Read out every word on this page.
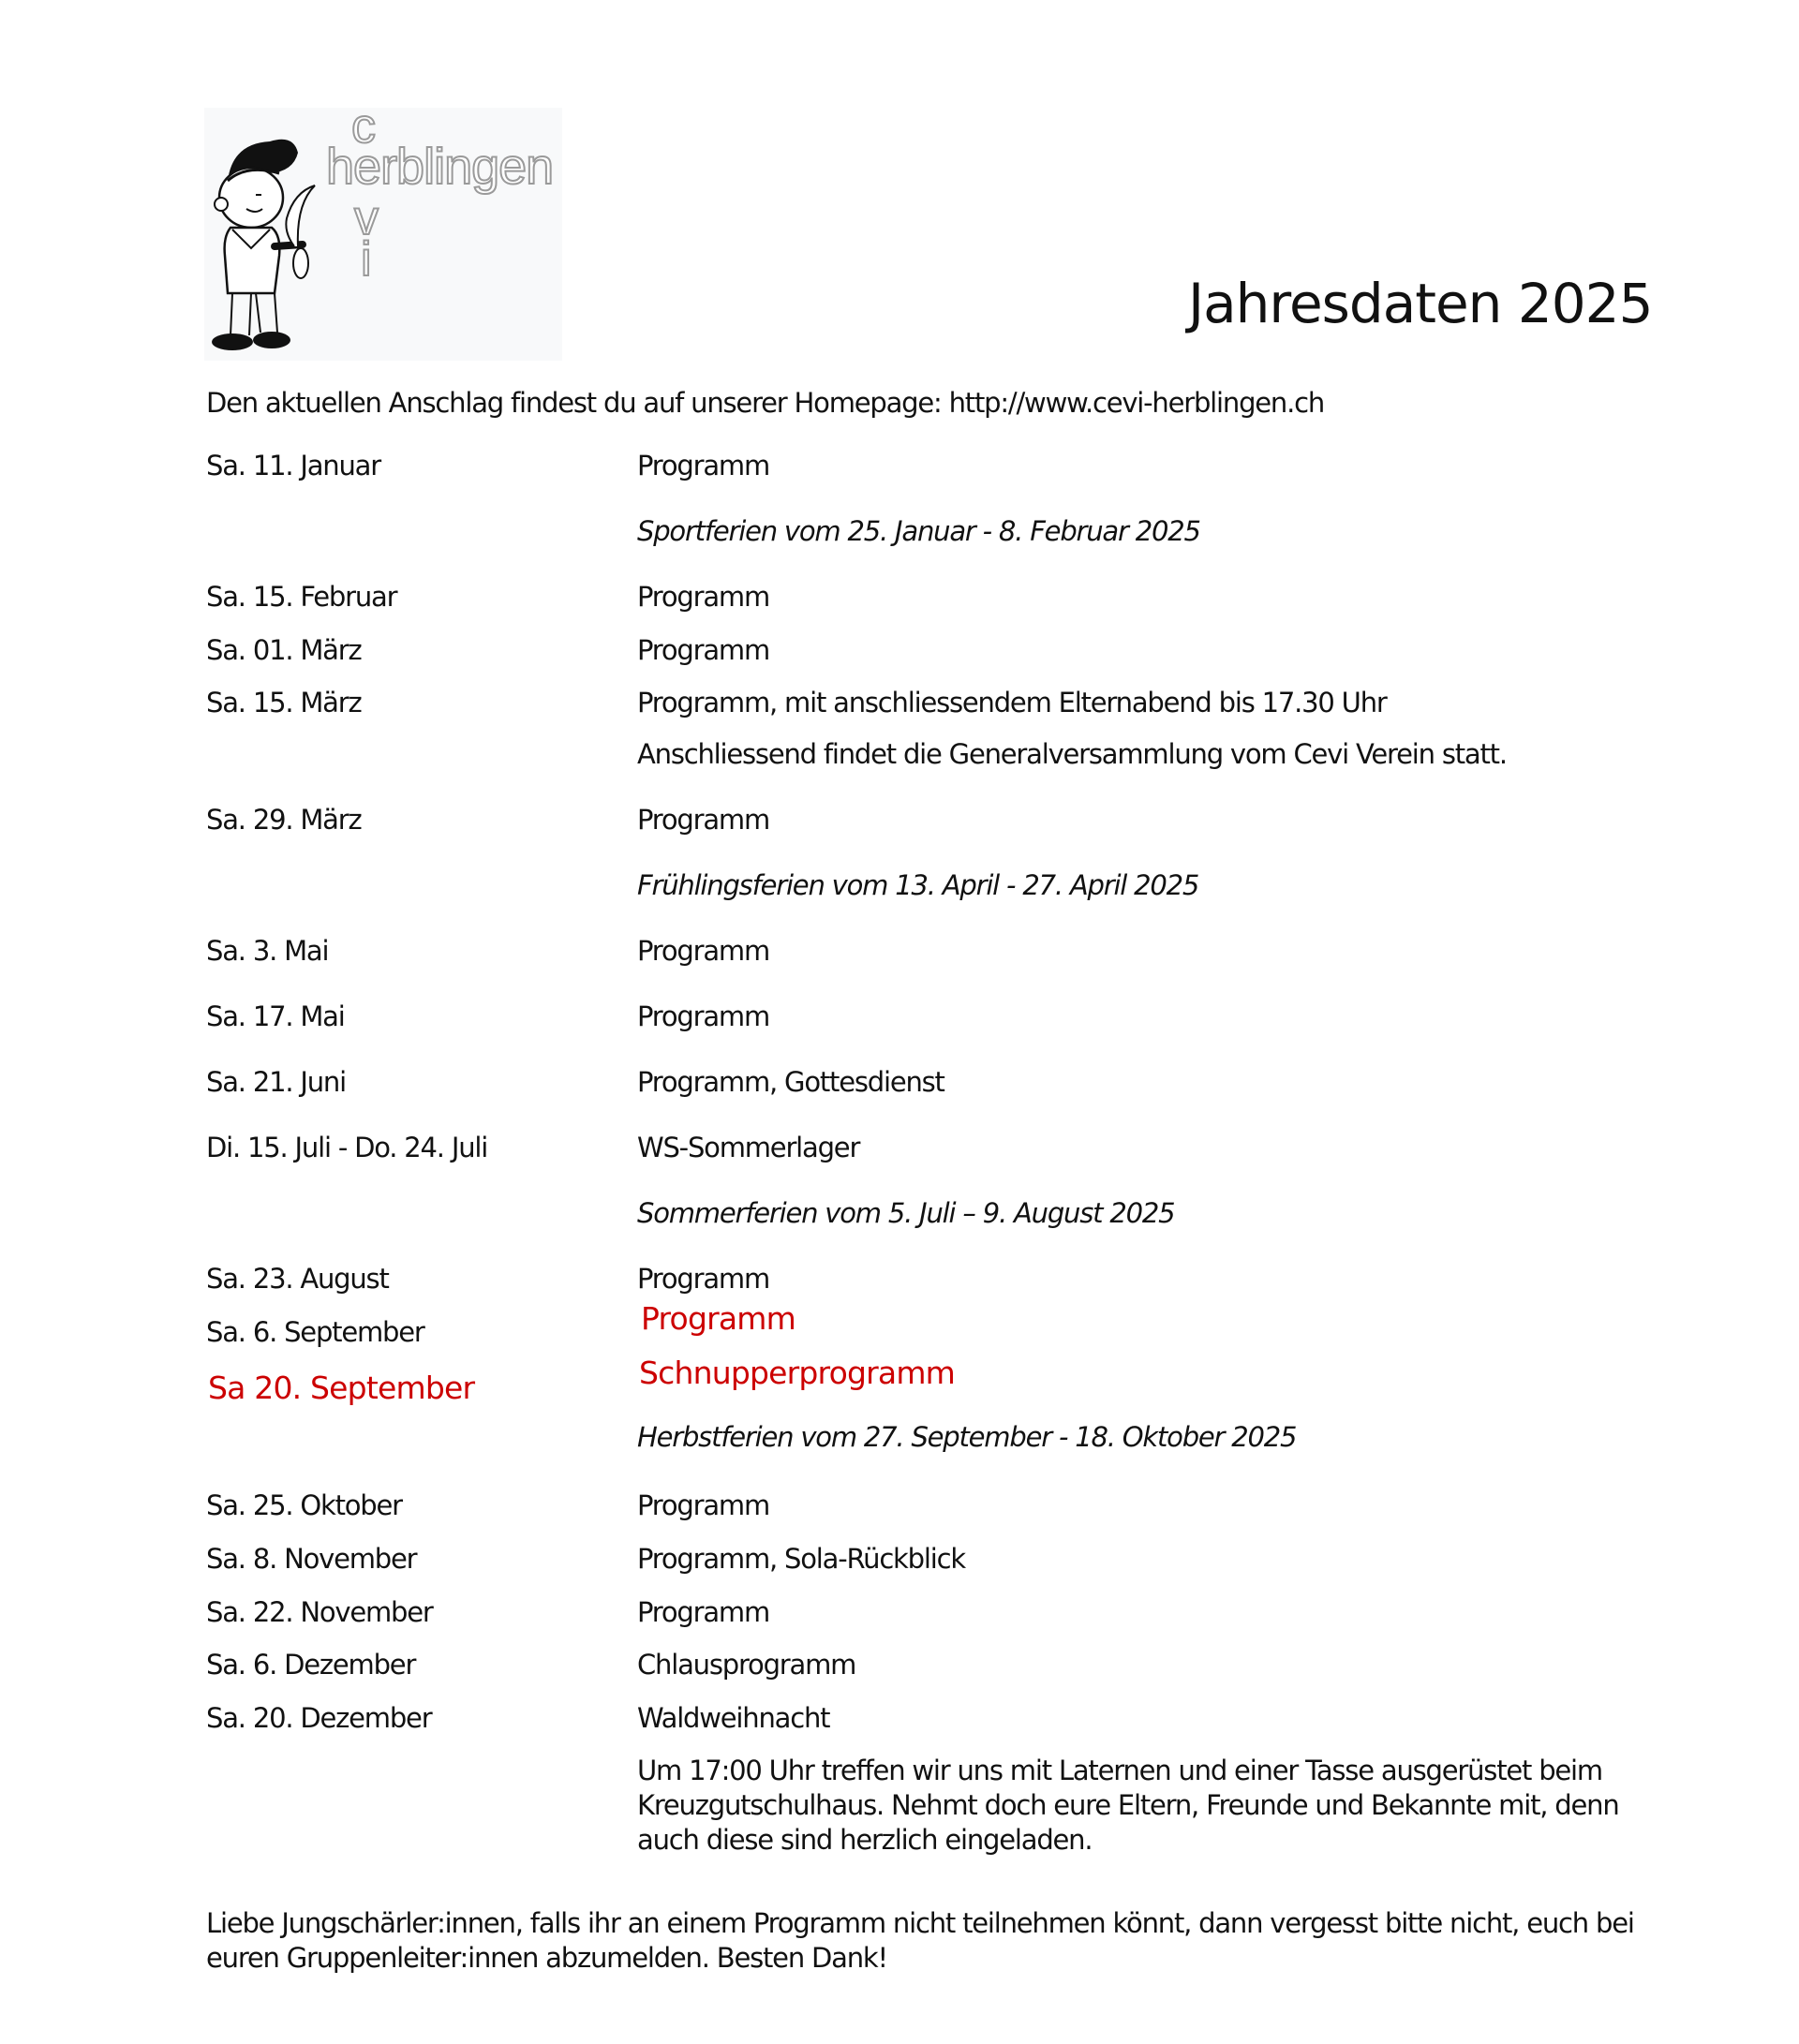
c
herblingen
v
i
Jahresdaten 2025
Den aktuellen Anschlag findest du auf unserer Homepage: http://www.cevi-herblingen.ch
Sa. 11. Januar	Programm
Sportferien vom 25. Januar - 8. Februar 2025
Sa. 15. Februar	Programm
Sa. 01. März	Programm
Sa. 15. März	Programm, mit anschliessendem Elternabend bis 17.30 Uhr
Anschliessend findet die Generalversammlung vom Cevi Verein statt.
Sa. 29. März	Programm
Frühlingsferien vom 13. April - 27. April 2025
Sa. 3. Mai	Programm
Sa. 17. Mai	Programm
Sa. 21. Juni	Programm, Gottesdienst
Di. 15. Juli - Do. 24. Juli	WS-Sommerlager
Sommerferien vom 5. Juli – 9. August 2025
Sa. 23. August	Programm
Sa. 6. September	Programm
Sa 20. September	Schnupperprogramm
Herbstferien vom 27. September - 18. Oktober 2025
Sa. 25. Oktober	Programm
Sa. 8. November	Programm, Sola-Rückblick
Sa. 22. November	Programm
Sa. 6. Dezember	Chlausprogramm
Sa. 20. Dezember	Waldweihnacht
Um 17:00 Uhr treffen wir uns mit Laternen und einer Tasse ausgerüstet beim Kreuzgutschulhaus. Nehmt doch eure Eltern, Freunde und Bekannte mit, denn auch diese sind herzlich eingeladen.
Liebe Jungschärler:innen, falls ihr an einem Programm nicht teilnehmen könnt, dann vergesst bitte nicht, euch bei euren Gruppenleiter:innen abzumelden. Besten Dank!
